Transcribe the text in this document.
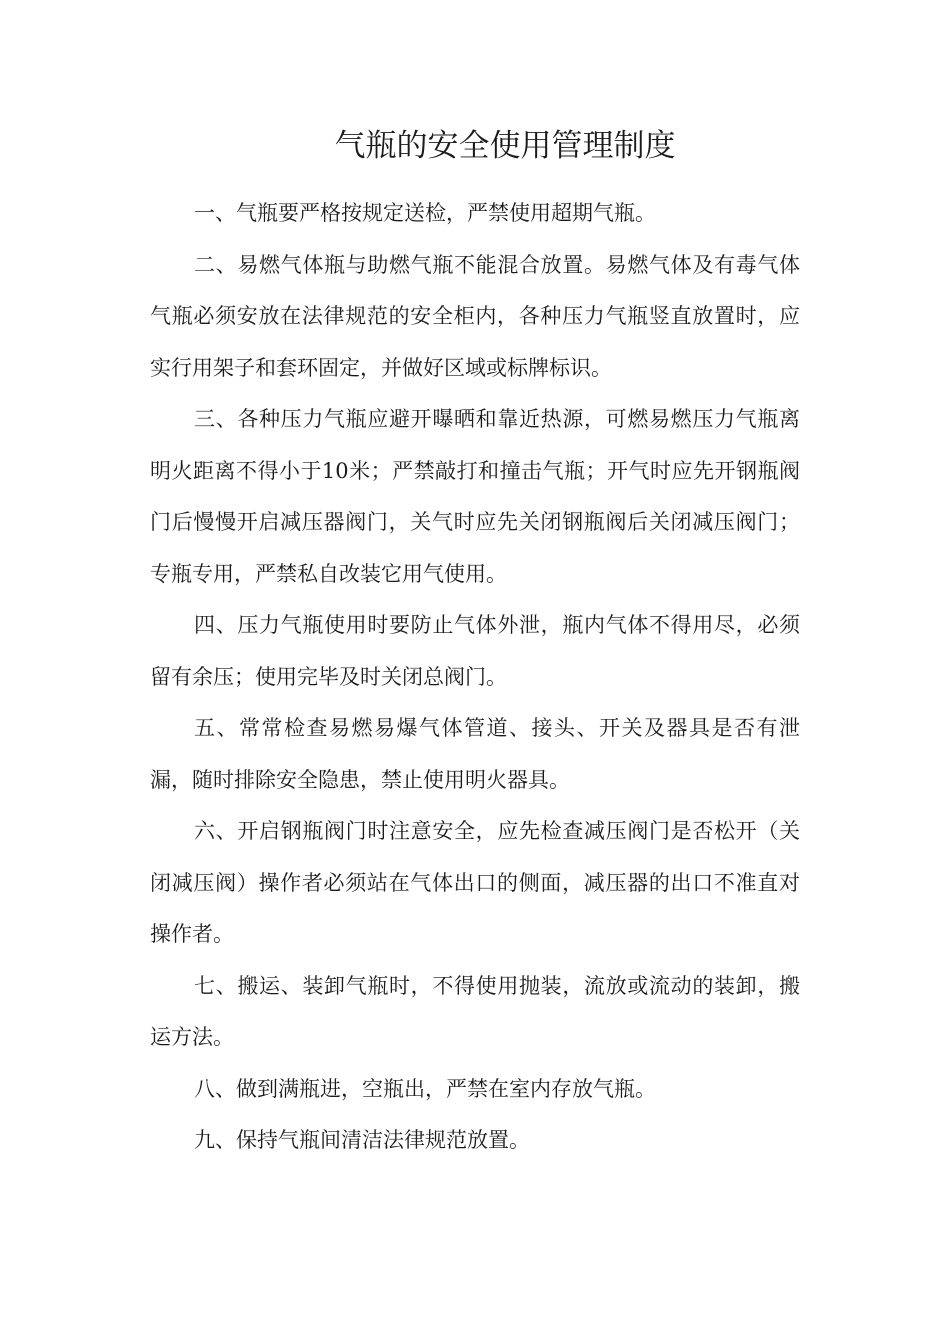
气瓶的安全使用管理制度

一、气瓶要严格按规定送检，严禁使用超期气瓶。

二、易燃气体瓶与助燃气瓶不能混合放置。易燃气体及有毒气体气瓶必须安放在法律规范的安全柜内，各种压力气瓶竖直放置时，应实行用架子和套环固定，并做好区域或标牌标识。

三、各种压力气瓶应避开曝晒和靠近热源，可燃易燃压力气瓶离明火距离不得小于10米；严禁敲打和撞击气瓶；开气时应先开钢瓶阀门后慢慢开启减压器阀门，关气时应先关闭钢瓶阀后关闭减压阀门；专瓶专用，严禁私自改装它用气使用。

四、压力气瓶使用时要防止气体外泄，瓶内气体不得用尽，必须留有余压；使用完毕及时关闭总阀门。

五、常常检查易燃易爆气体管道、接头、开关及器具是否有泄漏，随时排除安全隐患，禁止使用明火器具。

六、开启钢瓶阀门时注意安全，应先检查减压阀门是否松开（关闭减压阀）操作者必须站在气体出口的侧面，减压器的出口不准直对操作者。

七、搬运、装卸气瓶时，不得使用抛装，流放或流动的装卸，搬运方法。

八、做到满瓶进，空瓶出，严禁在室内存放气瓶。

九、保持气瓶间清洁法律规范放置。
